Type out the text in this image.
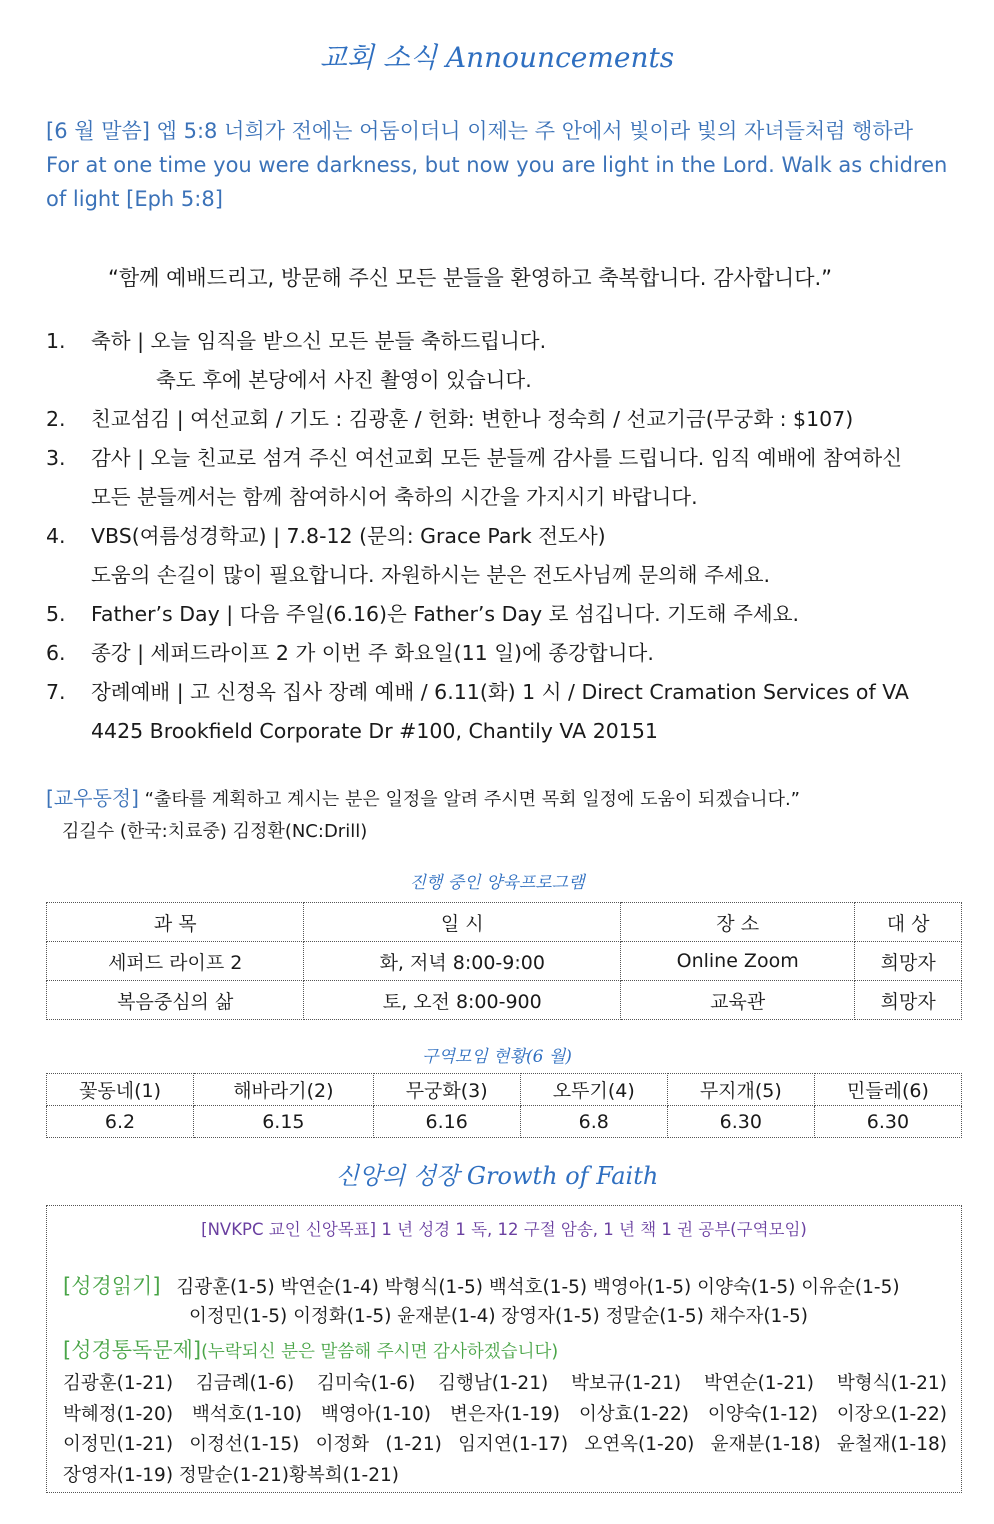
교회 소식 Announcements
[6 월 말씀] 엡 5:8 너희가 전에는 어둠이더니 이제는 주 안에서 빛이라 빛의 자녀들처럼 행하라
For at one time you were darkness, but now you are light in the Lord. Walk as chidren
of light [Eph 5:8]
“함께 예배드리고, 방문해 주신 모든 분들을 환영하고 축복합니다. 감사합니다.”
1.	축하 | 오늘 임직을 받으신 모든 분들 축하드립니다.
축도 후에 본당에서 사진 촬영이 있습니다.
2.	친교섬김 | 여선교회 / 기도 : 김광훈 / 헌화: 변한나 정숙희 / 선교기금(무궁화 : $107)
3.	감사 | 오늘 친교로 섬겨 주신 여선교회 모든 분들께 감사를 드립니다. 임직 예배에 참여하신
모든 분들께서는 함께 참여하시어 축하의 시간을 가지시기 바랍니다.
4.	VBS(여름성경학교) | 7.8-12 (문의: Grace Park 전도사)
도움의 손길이 많이 필요합니다. 자원하시는 분은 전도사님께 문의해 주세요.
5.	Father’s Day | 다음 주일(6.16)은 Father’s Day 로 섬깁니다. 기도해 주세요.
6.	종강 | 세퍼드라이프 2 가 이번 주 화요일(11 일)에 종강합니다.
7.	장례예배 | 고 신정옥 집사 장례 예배 / 6.11(화) 1 시 / Direct Cramation Services of VA
4425 Brookfield Corporate Dr #100, Chantily VA 20151
[교우동정] “출타를 계획하고 계시는 분은 일정을 알려 주시면 목회 일정에 도움이 되겠습니다.”
김길수 (한국:치료중) 김정환(NC:Drill)
진행 중인 양육프로그램
과 목	일 시	장 소	대 상
세퍼드 라이프 2	화, 저녁 8:00-9:00	Online Zoom	희망자
복음중심의 삶	토, 오전 8:00-900	교육관	희망자
구역모임 현황(6 월)
꽃동네(1)	해바라기(2)	무궁화(3)	오뚜기(4)	무지개(5)	민들레(6)
6.2	6.15	6.16	6.8	6.30	6.30
신앙의 성장 Growth of Faith
[NVKPC 교인 신앙목표] 1 년 성경 1 독, 12 구절 암송, 1 년 책 1 권 공부(구역모임)
[성경읽기] 김광훈(1-5) 박연순(1-4) 박형식(1-5) 백석호(1-5) 백영아(1-5) 이양숙(1-5) 이유순(1-5)
이정민(1-5) 이정화(1-5) 윤재분(1-4) 장영자(1-5) 정말순(1-5) 채수자(1-5)
[성경통독문제](누락되신 분은 말씀해 주시면 감사하겠습니다)
김광훈(1-21) 김금례(1-6) 김미숙(1-6) 김행남(1-21) 박보규(1-21) 박연순(1-21) 박형식(1-21)
박혜정(1-20) 백석호(1-10) 백영아(1-10) 변은자(1-19) 이상효(1-22) 이양숙(1-12) 이장오(1-22)
이정민(1-21) 이정선(1-15) 이정화 (1-21) 임지연(1-17) 오연옥(1-20) 윤재분(1-18) 윤철재(1-18)
장영자(1-19) 정말순(1-21)황복희(1-21)
